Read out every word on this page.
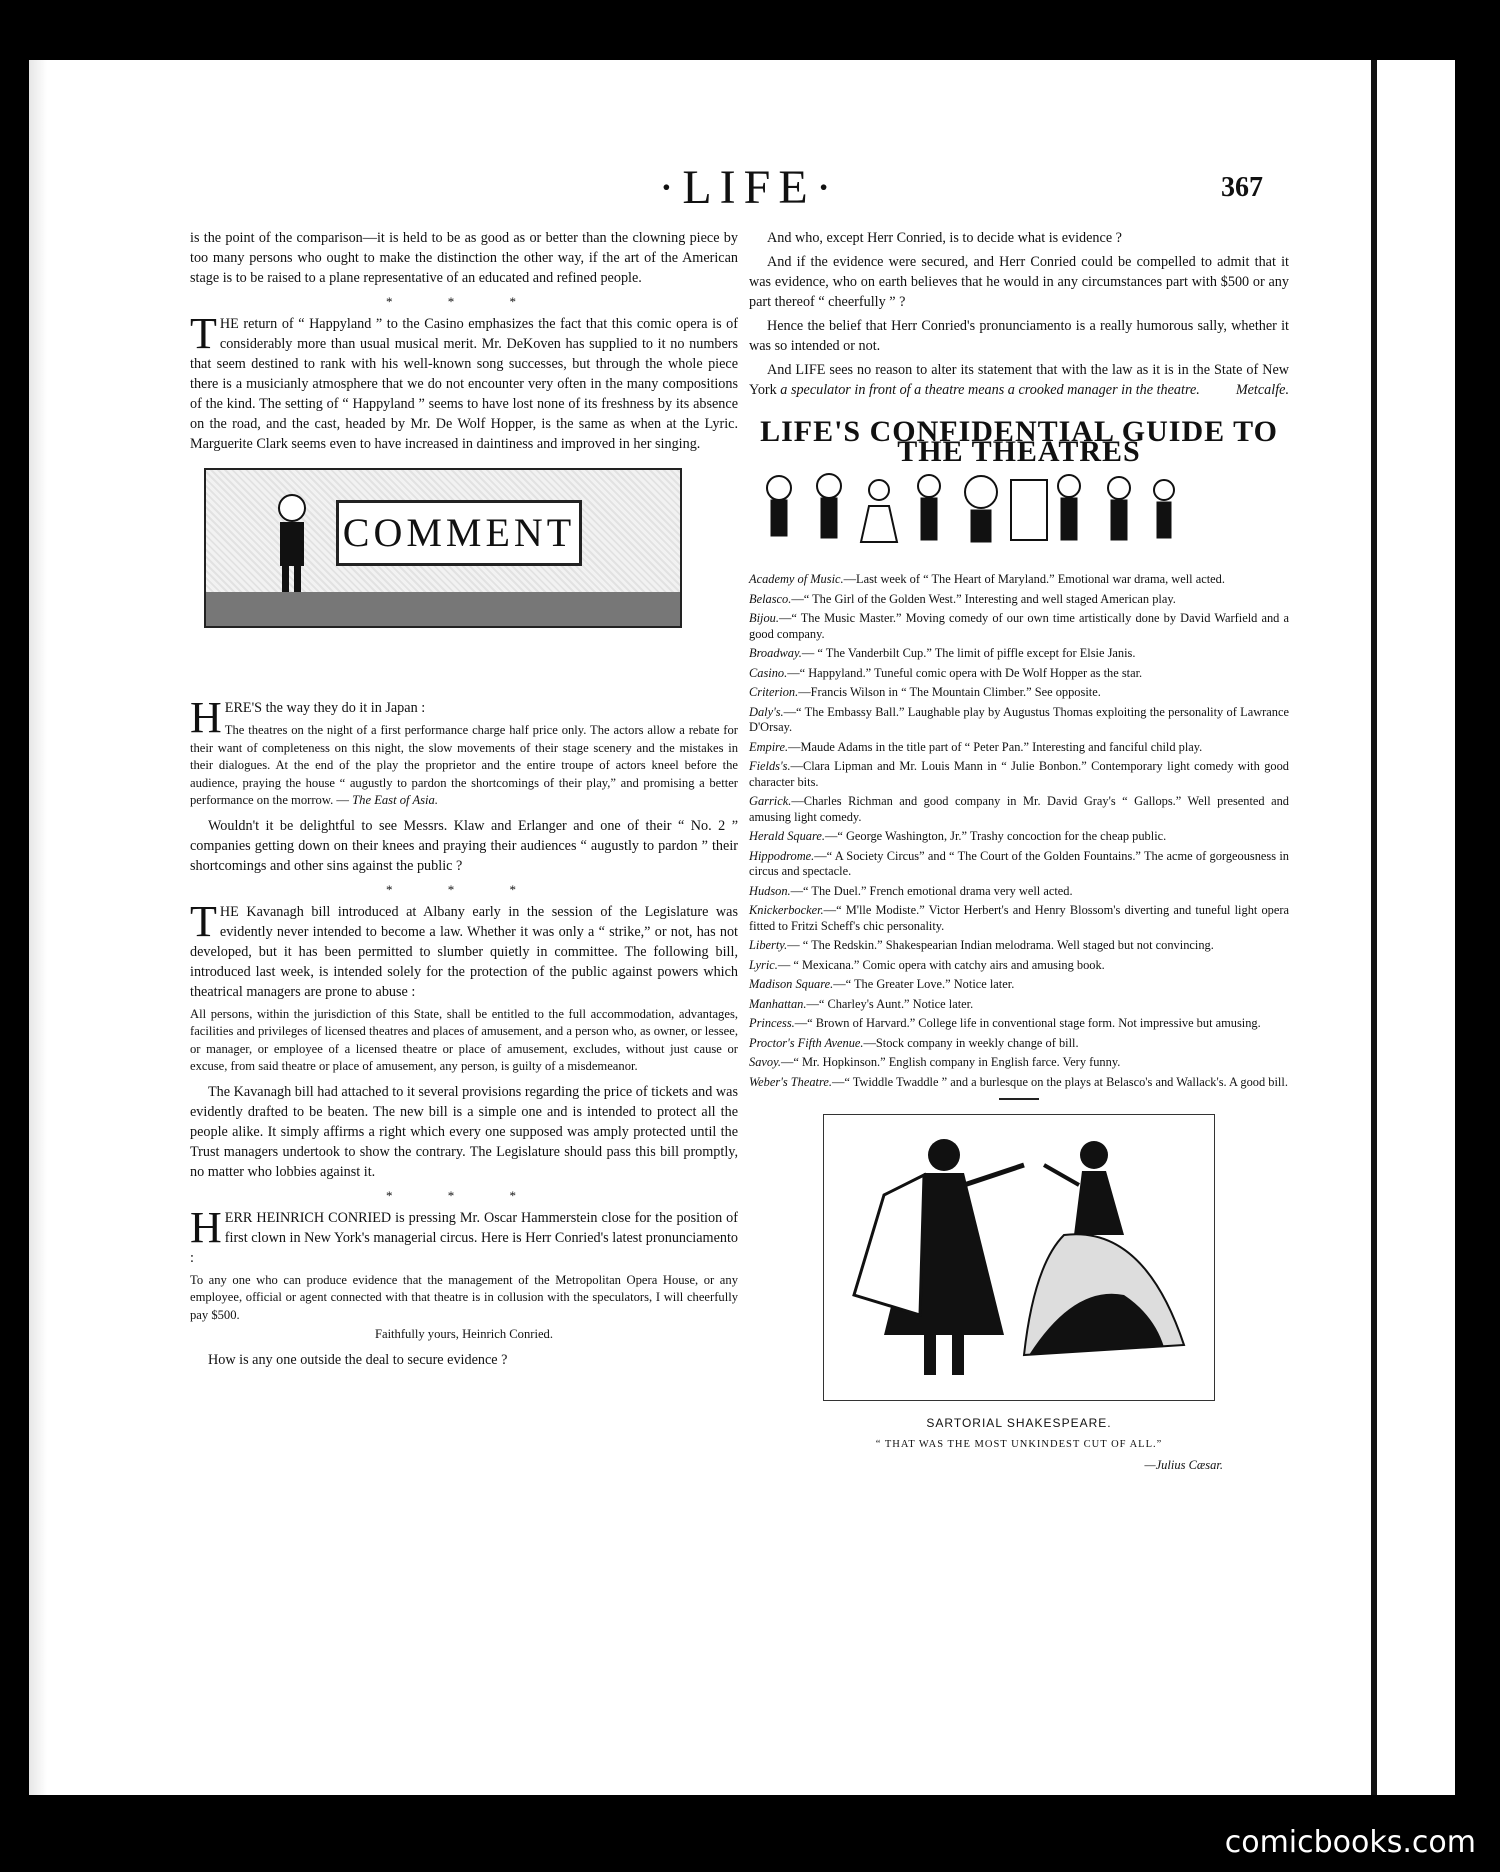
·LIFE·	367

is the point of the comparison—it is held to be as good as or better than the clowning piece by too many persons who ought to make the distinction the other way, if the art of the American stage is to be raised to a plane representative of an educated and refined people.

* * *

THE return of “ Happyland ” to the Casino emphasizes the fact that this comic opera is of considerably more than usual musical merit. Mr. DeKoven has supplied to it no numbers that seem destined to rank with his well-known song successes, but through the whole piece there is a musicianly atmosphere that we do not encounter very often in the many compositions of the kind. The setting of “ Happyland ” seems to have lost none of its freshness by its absence on the road, and the cast, headed by Mr. De Wolf Hopper, is the same as when at the Lyric. Marguerite Clark seems even to have increased in daintiness and improved in her singing.

COMMENT

HERE'S the way they do it in Japan :

The theatres on the night of a first performance charge half price only. The actors allow a rebate for their want of completeness on this night, the slow movements of their stage scenery and the mistakes in their dialogues. At the end of the play the proprietor and the entire troupe of actors kneel before the audience, praying the house “ augustly to pardon the shortcomings of their play,” and promising a better performance on the morrow. — The East of Asia.

Wouldn't it be delightful to see Messrs. Klaw and Erlanger and one of their “ No. 2 ” companies getting down on their knees and praying their audiences “ augustly to pardon ” their shortcomings and other sins against the public ?

* * *

THE Kavanagh bill introduced at Albany early in the session of the Legislature was evidently never intended to become a law. Whether it was only a “ strike,” or not, has not developed, but it has been permitted to slumber quietly in committee. The following bill, introduced last week, is intended solely for the protection of the public against powers which theatrical managers are prone to abuse :

All persons, within the jurisdiction of this State, shall be entitled to the full accommodation, advantages, facilities and privileges of licensed theatres and places of amusement, and a person who, as owner, or lessee, or manager, or employee of a licensed theatre or place of amusement, excludes, without just cause or excuse, from said theatre or place of amusement, any person, is guilty of a misdemeanor.

The Kavanagh bill had attached to it several provisions regarding the price of tickets and was evidently drafted to be beaten. The new bill is a simple one and is intended to protect all the people alike. It simply affirms a right which every one supposed was amply protected until the Trust managers undertook to show the contrary. The Legislature should pass this bill promptly, no matter who lobbies against it.

* * *

HERR HEINRICH CONRIED is pressing Mr. Oscar Hammerstein close for the position of first clown in New York's managerial circus. Here is Herr Conried's latest pronunciamento :

To any one who can produce evidence that the management of the Metropolitan Opera House, or any employee, official or agent connected with that theatre is in collusion with the speculators, I will cheerfully pay $500.

Faithfully yours, Heinrich Conried.

How is any one outside the deal to secure evidence ?

And who, except Herr Conried, is to decide what is evidence ?

And if the evidence were secured, and Herr Conried could be compelled to admit that it was evidence, who on earth believes that he would in any circumstances part with $500 or any part thereof “ cheerfully ” ?

Hence the belief that Herr Conried's pronunciamento is a really humorous sally, whether it was so intended or not.

And LIFE sees no reason to alter its statement that with the law as it is in the State of New York a speculator in front of a theatre means a crooked manager in the theatre.	Metcalfe.

LIFE'S CONFIDENTIAL GUIDE TO THE THEATRES

Academy of Music.—Last week of “ The Heart of Maryland.” Emotional war drama, well acted.

Belasco.—“ The Girl of the Golden West.” Interesting and well staged American play.

Bijou.—“ The Music Master.” Moving comedy of our own time artistically done by David Warfield and a good company.

Broadway.— “ The Vanderbilt Cup.” The limit of piffle except for Elsie Janis.

Casino.—“ Happyland.” Tuneful comic opera with De Wolf Hopper as the star.

Criterion.—Francis Wilson in “ The Mountain Climber.” See opposite.

Daly's.—“ The Embassy Ball.” Laughable play by Augustus Thomas exploiting the personality of Lawrance D'Orsay.

Empire.—Maude Adams in the title part of “ Peter Pan.” Interesting and fanciful child play.

Fields's.—Clara Lipman and Mr. Louis Mann in “ Julie Bonbon.” Contemporary light comedy with good character bits.

Garrick.—Charles Richman and good company in Mr. David Gray's “ Gallops.” Well presented and amusing light comedy.

Herald Square.—“ George Washington, Jr.” Trashy concoction for the cheap public.

Hippodrome.—“ A Society Circus” and “ The Court of the Golden Fountains.” The acme of gorgeousness in circus and spectacle.

Hudson.—“ The Duel.” French emotional drama very well acted.

Knickerbocker.—“ M'lle Modiste.” Victor Herbert's and Henry Blossom's diverting and tuneful light opera fitted to Fritzi Scheff's chic personality.

Liberty.— “ The Redskin.” Shakespearian Indian melodrama. Well staged but not convincing.

Lyric.— “ Mexicana.” Comic opera with catchy airs and amusing book.

Madison Square.—“ The Greater Love.” Notice later.

Manhattan.—“ Charley's Aunt.” Notice later.

Princess.—“ Brown of Harvard.” College life in conventional stage form. Not impressive but amusing.

Proctor's Fifth Avenue.—Stock company in weekly change of bill.

Savoy.—“ Mr. Hopkinson.” English company in English farce. Very funny.

Weber's Theatre.—“ Twiddle Twaddle ” and a burlesque on the plays at Belasco's and Wallack's. A good bill.

SARTORIAL SHAKESPEARE.
“ THAT WAS THE MOST UNKINDEST CUT OF ALL.”
—Julius Cæsar.
comicbooks.com
